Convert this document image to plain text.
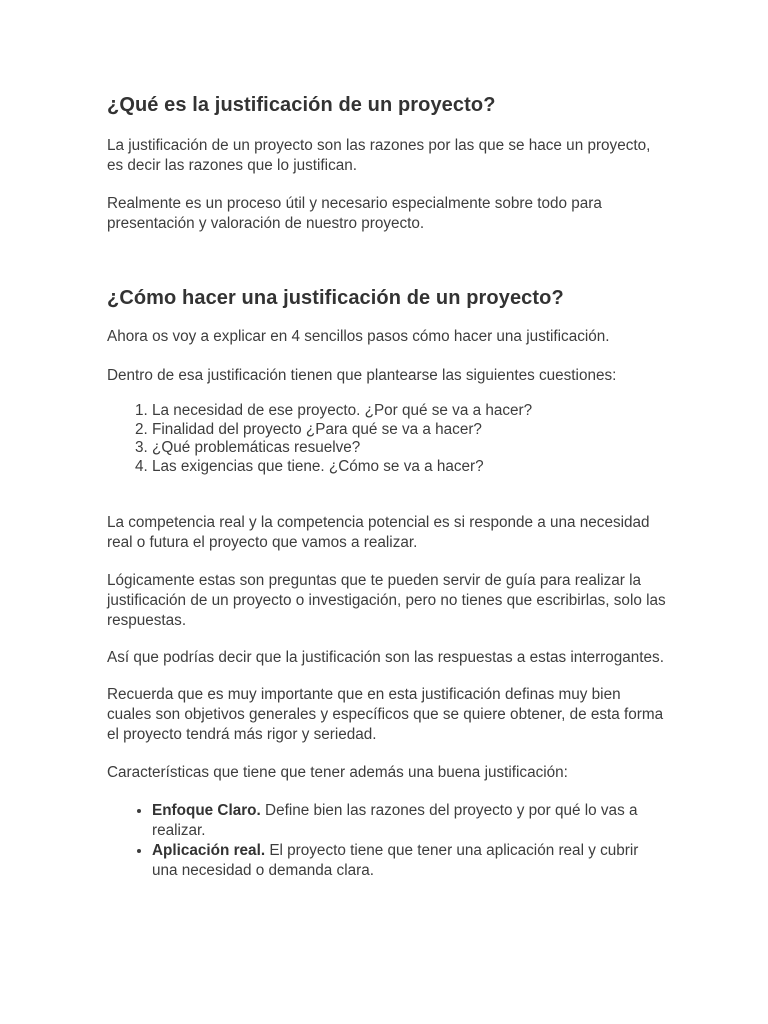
¿Qué es la justificación de un proyecto?

La justificación de un proyecto son las razones por las que se hace un proyecto, es decir las razones que lo justifican.

Realmente es un proceso útil y necesario especialmente sobre todo para presentación y valoración de nuestro proyecto.

¿Cómo hacer una justificación de un proyecto?

Ahora os voy a explicar en 4 sencillos pasos cómo hacer una justificación.

Dentro de esa justificación tienen que plantearse las siguientes cuestiones:

1. La necesidad de ese proyecto. ¿Por qué se va a hacer?
2. Finalidad del proyecto ¿Para qué se va a hacer?
3. ¿Qué problemáticas resuelve?
4. Las exigencias que tiene. ¿Cómo se va a hacer?

La competencia real y la competencia potencial es si responde a una necesidad real o futura el proyecto que vamos a realizar.

Lógicamente estas son preguntas que te pueden servir de guía para realizar la justificación de un proyecto o investigación, pero no tienes que escribirlas, solo las respuestas.

Así que podrías decir que la justificación son las respuestas a estas interrogantes.

Recuerda que es muy importante que en esta justificación definas muy bien cuales son objetivos generales y específicos que se quiere obtener, de esta forma el proyecto tendrá más rigor y seriedad.

Características que tiene que tener además una buena justificación:

• Enfoque Claro. Define bien las razones del proyecto y por qué lo vas a realizar.
• Aplicación real. El proyecto tiene que tener una aplicación real y cubrir una necesidad o demanda clara.
